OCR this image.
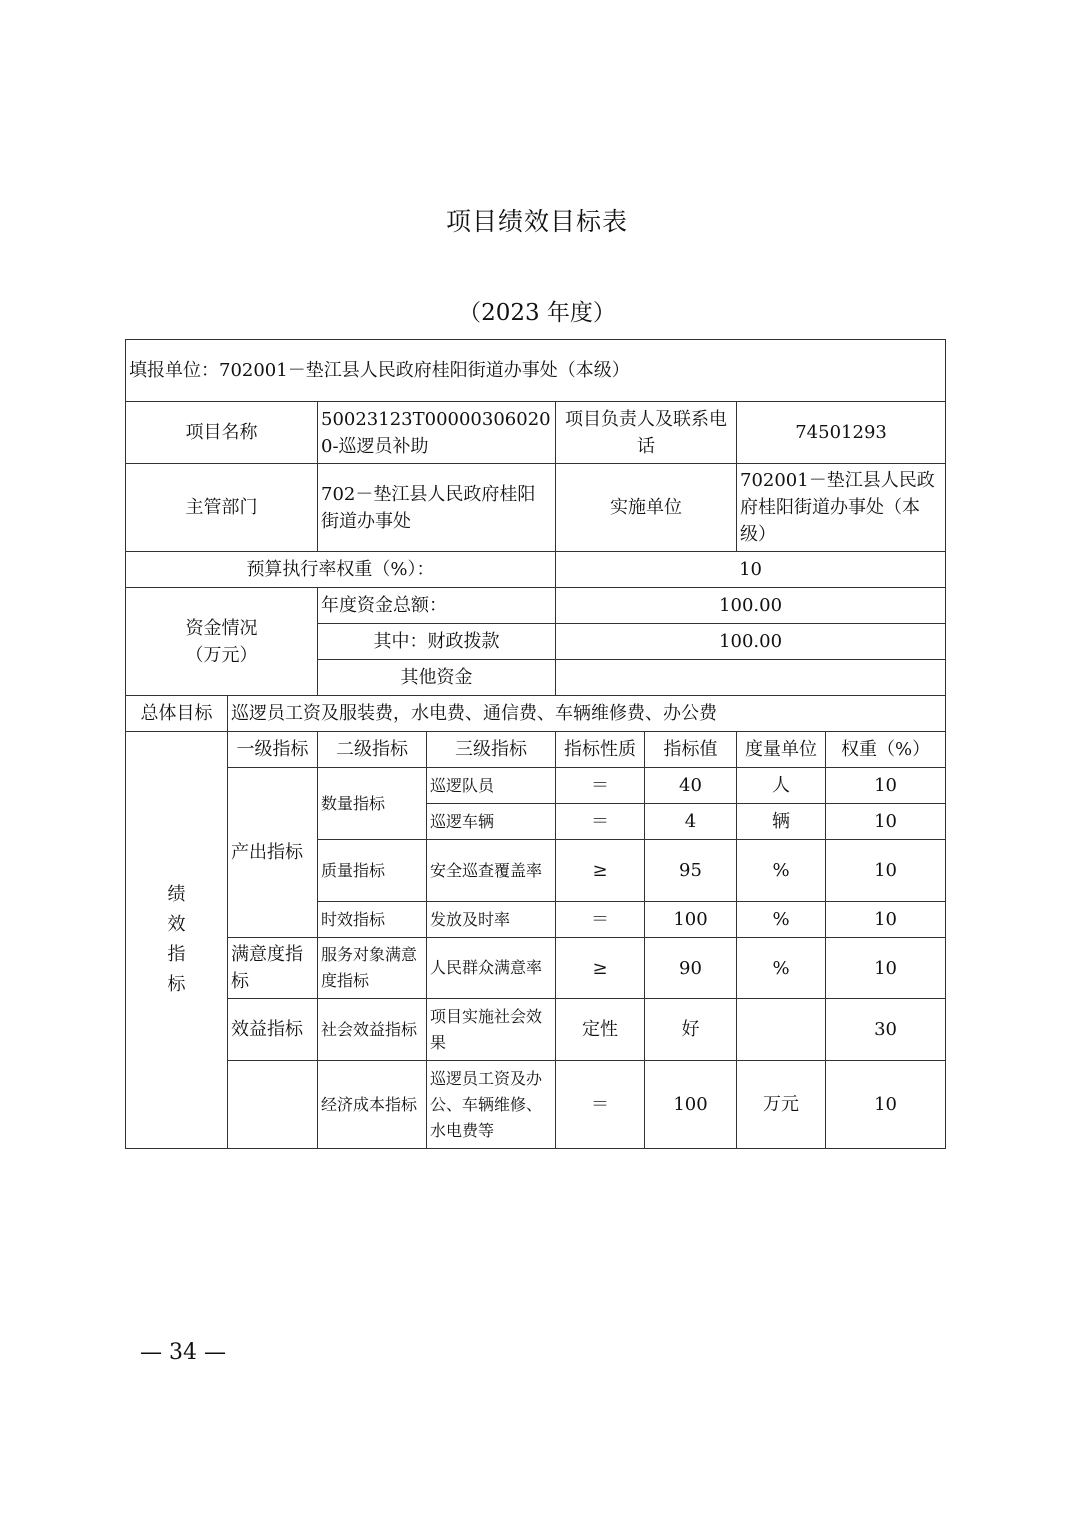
项目绩效目标表
（2023 年度）
填报单位：702001－垫江县人民政府桂阳街道办事处（本级）							
项目名称		50023123T000003060200-巡逻员补助		项目负责人及联系电话		74501293	
主管部门		702－垫江县人民政府桂阳 街道办事处		实施单位		702001－垫江县人民政府桂阳街道办事处（本级）	
预算执行率权重（%）：				10			

资金情况
（万元）		年度资金总额：		100.00			
		其中：财政拨款		100.00			
		其他资金					
总体目标	巡逻员工资及服装费，水电费、通信费、车辆维修费、办公费						

绩
效
指
标	一级指标	二级指标	三级指标	指标性质	指标值	度量单位	权重（%）
	产出指标	数量指标	巡逻队员	＝	40	人	10
			巡逻车辆	＝	4	辆	10
		质量指标	安全巡查覆盖率	≥	95	%	10
		时效指标	发放及时率	＝	100	%	10
	满意度指标	服务对象满意度指标	人民群众满意率	≥	90	%	10
	效益指标	社会效益指标	项目实施社会效果	定性	好		30
		经济成本指标	巡逻员工资及办公、车辆维修、水电费等	＝	100	万元	10
— 34 —
